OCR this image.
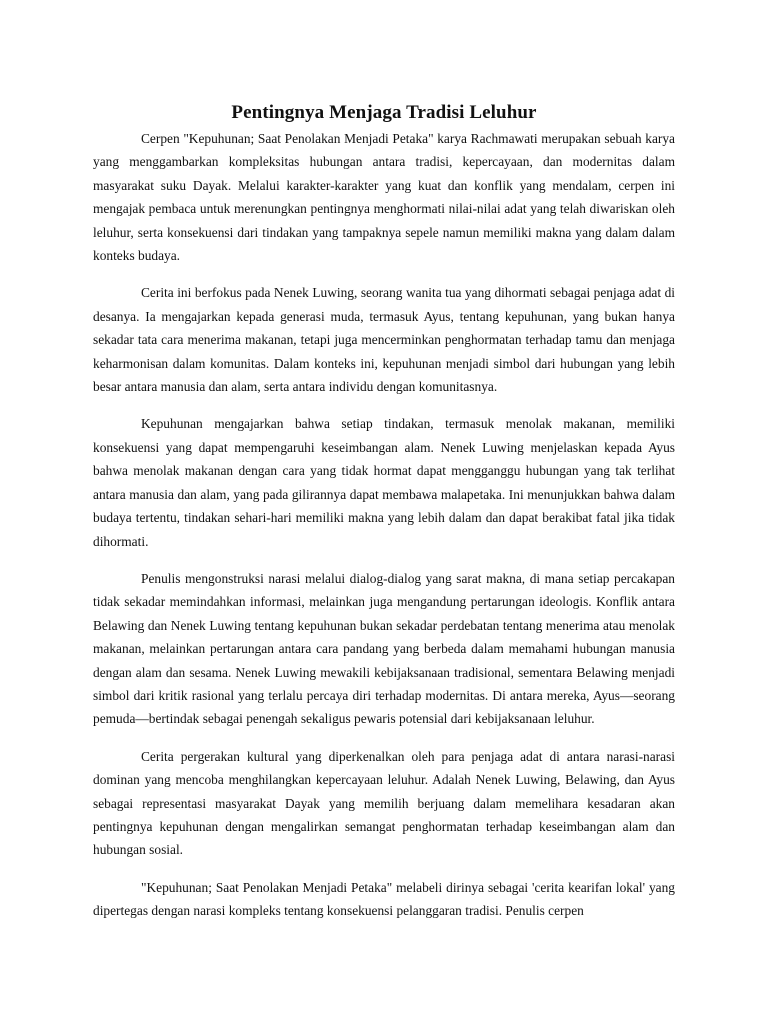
Pentingnya Menjaga Tradisi Leluhur

Cerpen "Kepuhunan; Saat Penolakan Menjadi Petaka" karya Rachmawati merupakan sebuah karya yang menggambarkan kompleksitas hubungan antara tradisi, kepercayaan, dan modernitas dalam masyarakat suku Dayak. Melalui karakter-karakter yang kuat dan konflik yang mendalam, cerpen ini mengajak pembaca untuk merenungkan pentingnya menghormati nilai-nilai adat yang telah diwariskan oleh leluhur, serta konsekuensi dari tindakan yang tampaknya sepele namun memiliki makna yang dalam dalam konteks budaya.

Cerita ini berfokus pada Nenek Luwing, seorang wanita tua yang dihormati sebagai penjaga adat di desanya. Ia mengajarkan kepada generasi muda, termasuk Ayus, tentang kepuhunan, yang bukan hanya sekadar tata cara menerima makanan, tetapi juga mencerminkan penghormatan terhadap tamu dan menjaga keharmonisan dalam komunitas. Dalam konteks ini, kepuhunan menjadi simbol dari hubungan yang lebih besar antara manusia dan alam, serta antara individu dengan komunitasnya.

Kepuhunan mengajarkan bahwa setiap tindakan, termasuk menolak makanan, memiliki konsekuensi yang dapat mempengaruhi keseimbangan alam. Nenek Luwing menjelaskan kepada Ayus bahwa menolak makanan dengan cara yang tidak hormat dapat mengganggu hubungan yang tak terlihat antara manusia dan alam, yang pada gilirannya dapat membawa malapetaka. Ini menunjukkan bahwa dalam budaya tertentu, tindakan sehari-hari memiliki makna yang lebih dalam dan dapat berakibat fatal jika tidak dihormati.

Penulis mengonstruksi narasi melalui dialog-dialog yang sarat makna, di mana setiap percakapan tidak sekadar memindahkan informasi, melainkan juga mengandung pertarungan ideologis. Konflik antara Belawing dan Nenek Luwing tentang kepuhunan bukan sekadar perdebatan tentang menerima atau menolak makanan, melainkan pertarungan antara cara pandang yang berbeda dalam memahami hubungan manusia dengan alam dan sesama. Nenek Luwing mewakili kebijaksanaan tradisional, sementara Belawing menjadi simbol dari kritik rasional yang terlalu percaya diri terhadap modernitas. Di antara mereka, Ayus—seorang pemuda—bertindak sebagai penengah sekaligus pewaris potensial dari kebijaksanaan leluhur.

Cerita pergerakan kultural yang diperkenalkan oleh para penjaga adat di antara narasi-narasi dominan yang mencoba menghilangkan kepercayaan leluhur. Adalah Nenek Luwing, Belawing, dan Ayus sebagai representasi masyarakat Dayak yang memilih berjuang dalam memelihara kesadaran akan pentingnya kepuhunan dengan mengalirkan semangat penghormatan terhadap keseimbangan alam dan hubungan sosial.

"Kepuhunan; Saat Penolakan Menjadi Petaka" melabeli dirinya sebagai 'cerita kearifan lokal' yang dipertegas dengan narasi kompleks tentang konsekuensi pelanggaran tradisi. Penulis cerpen
